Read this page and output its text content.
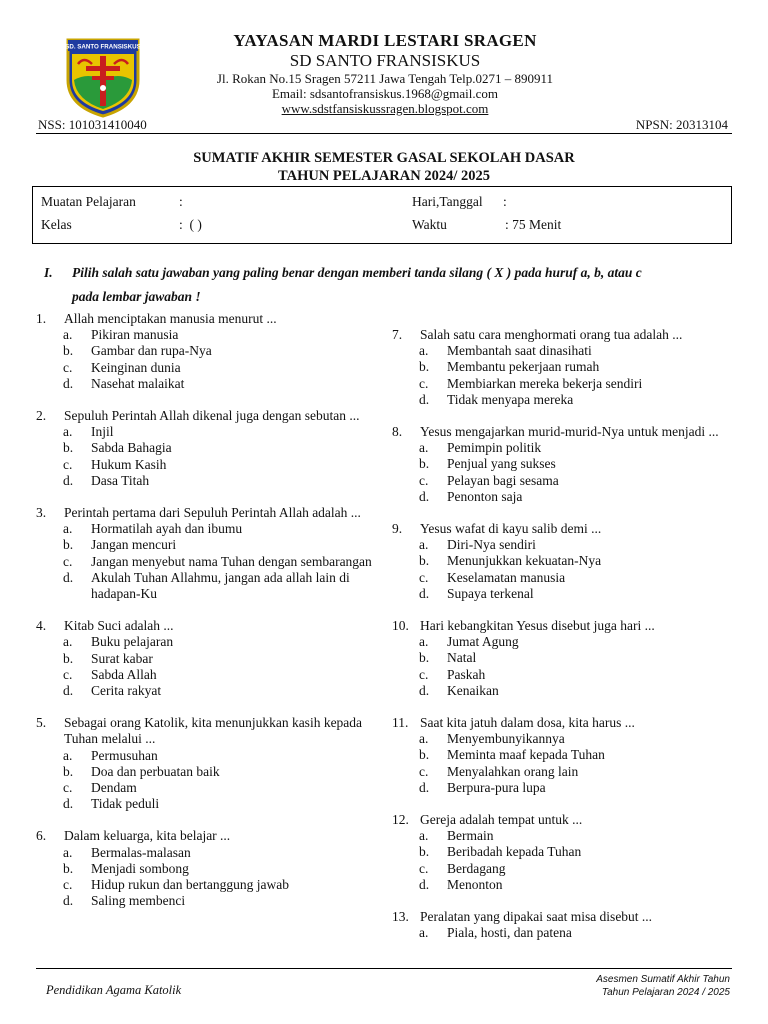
SD. SANTO FRANSISKUS	YAYASAN MARDI LESTARI SRAGEN
SD SANTO FRANSISKUS
Jl. Rokan No.15 Sragen 57211 Jawa Tengah Telp.0271 – 890911
Email: sdsantofransiskus.1968@gmail.com
www.sdstfansiskussragen.blogspot.com
NSS: 101031410040	NPSN: 20313104
SUMATIF AKHIR SEMESTER GASAL SEKOLAH DASAR
TAHUN PELAJARAN 2024/ 2025
Muatan Pelajaran	:	Hari,Tanggal :
Kelas	:  ( )	Waktu	: 75 Menit
I. Pilih salah satu jawaban yang paling benar dengan memberi tanda silang ( X ) pada huruf a, b, atau c
pada lembar jawaban !
1.	Allah menciptakan manusia menurut ...
a.	Pikiran manusia
b.	Gambar dan rupa-Nya
c.	Keinginan dunia
d.	Nasehat malaikat
2.	Sepuluh Perintah Allah dikenal juga dengan sebutan ...
a.	Injil
b.	Sabda Bahagia
c.	Hukum Kasih
d.	Dasa Titah
3.	Perintah pertama dari Sepuluh Perintah Allah adalah ...
a.	Hormatilah ayah dan ibumu
b.	Jangan mencuri
c.	Jangan menyebut nama Tuhan dengan sembarangan
d.	Akulah Tuhan Allahmu, jangan ada allah lain di hadapan-Ku
4.	Kitab Suci adalah ...
a.	Buku pelajaran
b.	Surat kabar
c.	Sabda Allah
d.	Cerita rakyat
5.	Sebagai orang Katolik, kita menunjukkan kasih kepada Tuhan melalui ...
a.	Permusuhan
b.	Doa dan perbuatan baik
c.	Dendam
d.	Tidak peduli
6.	Dalam keluarga, kita belajar ...
a.	Bermalas-malasan
b.	Menjadi sombong
c.	Hidup rukun dan bertanggung jawab
d.	Saling membenci
7.	Salah satu cara menghormati orang tua adalah ...
a.	Membantah saat dinasihati
b.	Membantu pekerjaan rumah
c.	Membiarkan mereka bekerja sendiri
d.	Tidak menyapa mereka
8.	Yesus mengajarkan murid-murid-Nya untuk menjadi ...
a.	Pemimpin politik
b.	Penjual yang sukses
c.	Pelayan bagi sesama
d.	Penonton saja
9.	Yesus wafat di kayu salib demi ...
a.	Diri-Nya sendiri
b.	Menunjukkan kekuatan-Nya
c.	Keselamatan manusia
d.	Supaya terkenal
10. Hari kebangkitan Yesus disebut juga hari ...
a.	Jumat Agung
b.	Natal
c.	Paskah
d.	Kenaikan
11. Saat kita jatuh dalam dosa, kita harus ...
a.	Menyembunyikannya
b.	Meminta maaf kepada Tuhan
c.	Menyalahkan orang lain
d.	Berpura-pura lupa
12. Gereja adalah tempat untuk ...
a.	Bermain
b.	Beribadah kepada Tuhan
c.	Berdagang
d.	Menonton
13. Peralatan yang dipakai saat misa disebut ...
a.	Piala, hosti, dan patena
Pendidikan Agama Katolik
Asesmen Sumatif Akhir Tahun
Tahun Pelajaran 2024 / 2025
